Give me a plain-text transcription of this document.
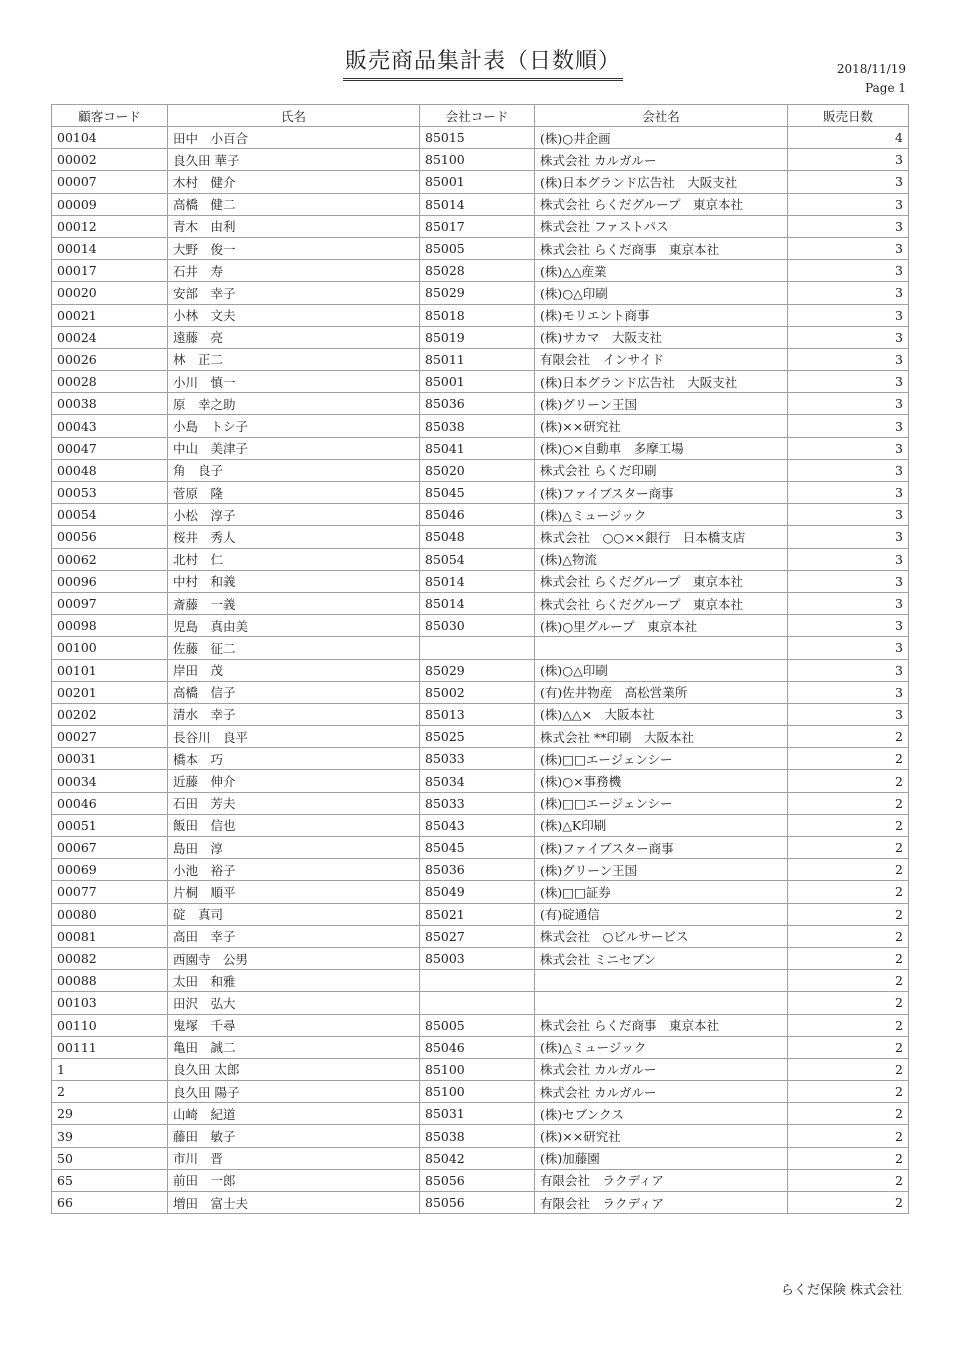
販売商品集計表（日数順）	2018/11/19
Page 1
顧客コード	氏名	会社コード	会社名	販売日数
00104	田中　小百合	85015	(株)○井企画	4
00002	良久田 華子	85100	株式会社 カルガルー	3
00007	木村　健介	85001	(株)日本グランド広告社　大阪支社	3
00009	高橋　健二	85014	株式会社 らくだグループ　東京本社	3
00012	青木　由利	85017	株式会社 ファストパス	3
00014	大野　俊一	85005	株式会社 らくだ商事　東京本社	3
00017	石井　寿	85028	(株)△△産業	3
00020	安部　幸子	85029	(株)○△印刷	3
00021	小林　文夫	85018	(株)モリエント商事	3
00024	遠藤　亮	85019	(株)サカマ　大阪支社	3
00026	林　正二	85011	有限会社　インサイド	3
00028	小川　慎一	85001	(株)日本グランド広告社　大阪支社	3
00038	原　幸之助	85036	(株)グリーン王国	3
00043	小島　トシ子	85038	(株)××研究社	3
00047	中山　美津子	85041	(株)○×自動車　多摩工場	3
00048	角　良子	85020	株式会社 らくだ印刷	3
00053	菅原　隆	85045	(株)ファイブスター商事	3
00054	小松　淳子	85046	(株)△ミュージック	3
00056	桜井　秀人	85048	株式会社　○○××銀行　日本橋支店	3
00062	北村　仁	85054	(株)△物流	3
00096	中村　和義	85014	株式会社 らくだグループ　東京本社	3
00097	斎藤　一義	85014	株式会社 らくだグループ　東京本社	3
00098	児島　真由美	85030	(株)○里グループ　東京本社	3
00100	佐藤　征二			3
00101	岸田　茂	85029	(株)○△印刷	3
00201	高橋　信子	85002	(有)佐井物産　高松営業所	3
00202	清水　幸子	85013	(株)△△×　大阪本社	3
00027	長谷川　良平	85025	株式会社 **印刷　大阪本社	2
00031	橋本　巧	85033	(株)□□エージェンシー	2
00034	近藤　伸介	85034	(株)○×事務機	2
00046	石田　芳夫	85033	(株)□□エージェンシー	2
00051	飯田　信也	85043	(株)△K印刷	2
00067	島田　淳	85045	(株)ファイブスター商事	2
00069	小池　裕子	85036	(株)グリーン王国	2
00077	片桐　順平	85049	(株)□□証券	2
00080	碇　真司	85021	(有)碇通信	2
00081	高田　幸子	85027	株式会社　○ビルサービス	2
00082	西園寺　公男	85003	株式会社 ミニセブン	2
00088	太田　和雅			2
00103	田沢　弘大			2
00110	鬼塚　千尋	85005	株式会社 らくだ商事　東京本社	2
00111	亀田　誠二	85046	(株)△ミュージック	2
1	良久田 太郎	85100	株式会社 カルガルー	2
2	良久田 陽子	85100	株式会社 カルガルー	2
29	山崎　紀道	85031	(株)セブンクス	2
39	藤田　敏子	85038	(株)××研究社	2
50	市川　晋	85042	(株)加藤園	2
65	前田　一郎	85056	有限会社　ラクディア	2
66	増田　富士夫	85056	有限会社　ラクディア	2
らくだ保険 株式会社
